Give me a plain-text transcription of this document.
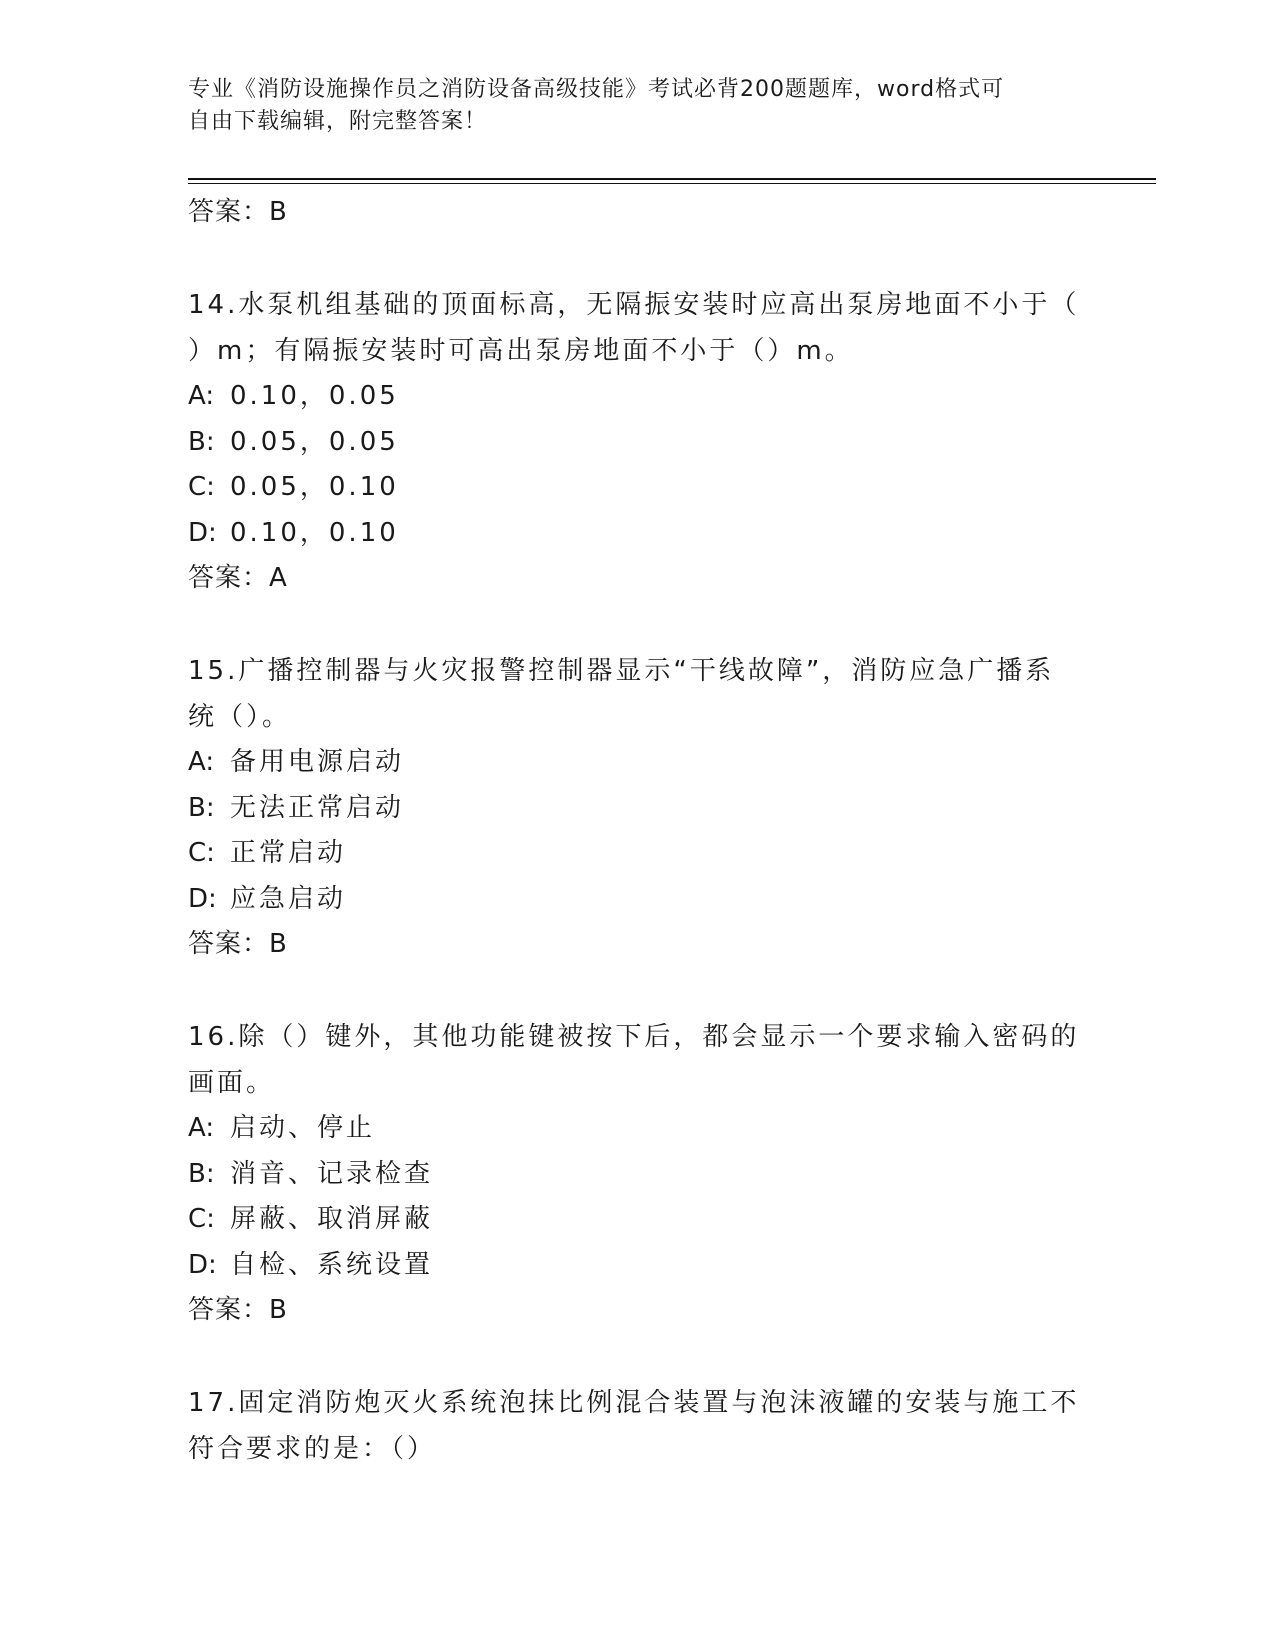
专业《消防设施操作员之消防设备高级技能》考试必背200题题库，word格式可
自由下载编辑，附完整答案！
答案：B
14.水泵机组基础的顶面标高，无隔振安装时应高出泵房地面不小于（
）m；有隔振安装时可高出泵房地面不小于（）m。
A: 0.10，0.05
B: 0.05，0.05
C: 0.05，0.10
D: 0.10，0.10
答案：A
15.广播控制器与火灾报警控制器显示“干线故障”，消防应急广播系
统（）。
A: 备用电源启动
B: 无法正常启动
C: 正常启动
D: 应急启动
答案：B
16.除（）键外，其他功能键被按下后，都会显示一个要求输入密码的
画面。
A: 启动、停止
B: 消音、记录检查
C: 屏蔽、取消屏蔽
D: 自检、系统设置
答案：B
17.固定消防炮灭火系统泡抹比例混合装置与泡沫液罐的安装与施工不
符合要求的是：（）
